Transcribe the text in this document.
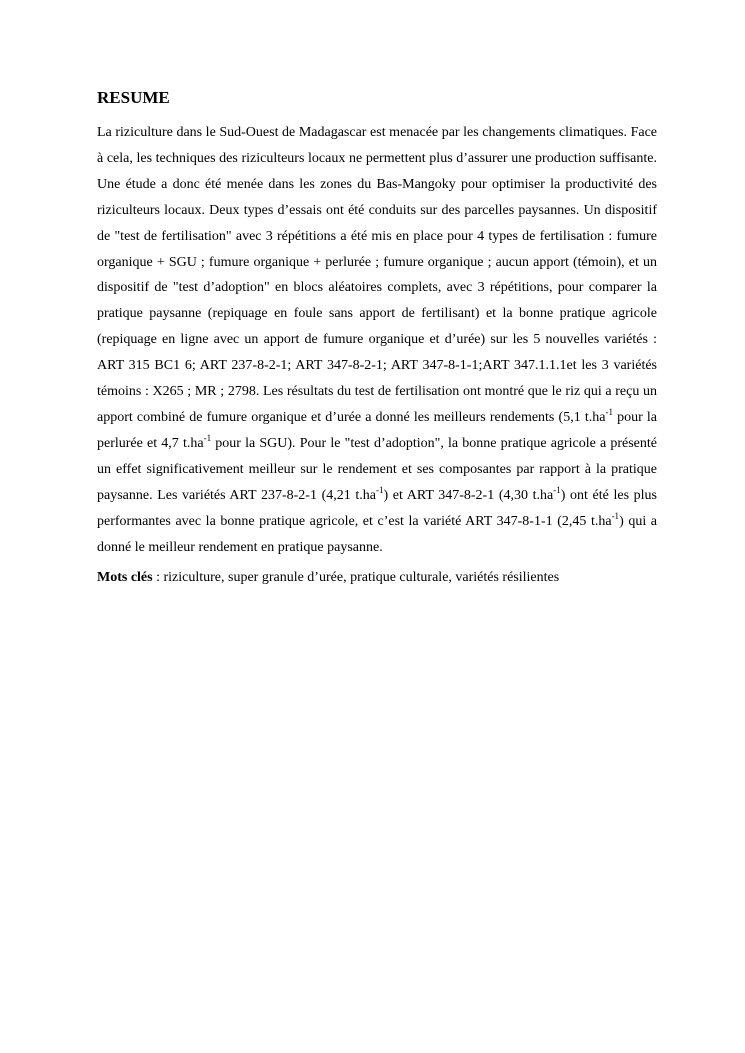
RESUME

La riziculture dans le Sud-Ouest de Madagascar est menacée par les changements climatiques. Face à cela, les techniques des riziculteurs locaux ne permettent plus d’assurer une production suffisante. Une étude a donc été menée dans les zones du Bas-Mangoky pour optimiser la productivité des riziculteurs locaux. Deux types d’essais ont été conduits sur des parcelles paysannes. Un dispositif de "test de fertilisation" avec 3 répétitions a été mis en place pour 4 types de fertilisation : fumure organique + SGU ; fumure organique + perlurée ; fumure organique ; aucun apport (témoin), et un dispositif de "test d’adoption" en blocs aléatoires complets, avec 3 répétitions, pour comparer la pratique paysanne (repiquage en foule sans apport de fertilisant) et la bonne pratique agricole (repiquage en ligne avec un apport de fumure organique et d’urée) sur les 5 nouvelles variétés : ART 315 BC1 6; ART 237-8-2-1; ART 347-8-2-1; ART 347-8-1-1;ART 347.1.1.1et les 3 variétés témoins : X265 ; MR ; 2798. Les résultats du test de fertilisation ont montré que le riz qui a reçu un apport combiné de fumure organique et d’urée a donné les meilleurs rendements (5,1 $t.ha^{-1}$ pour la perlurée et 4,7 $t.ha^{-1}$ pour la SGU). Pour le "test d’adoption", la bonne pratique agricole a présenté un effet significativement meilleur sur le rendement et ses composantes par rapport à la pratique paysanne. Les variétés ART 237-8-2-1 (4,21 $t.ha^{-1}$) et ART 347-8-2-1 (4,30 $t.ha^{-1}$) ont été les plus performantes avec la bonne pratique agricole, et c’est la variété ART 347-8-1-1 (2,45 $t.ha^{-1}$) qui a donné le meilleur rendement en pratique paysanne.

Mots clés : riziculture, super granule d’urée, pratique culturale, variétés résilientes
